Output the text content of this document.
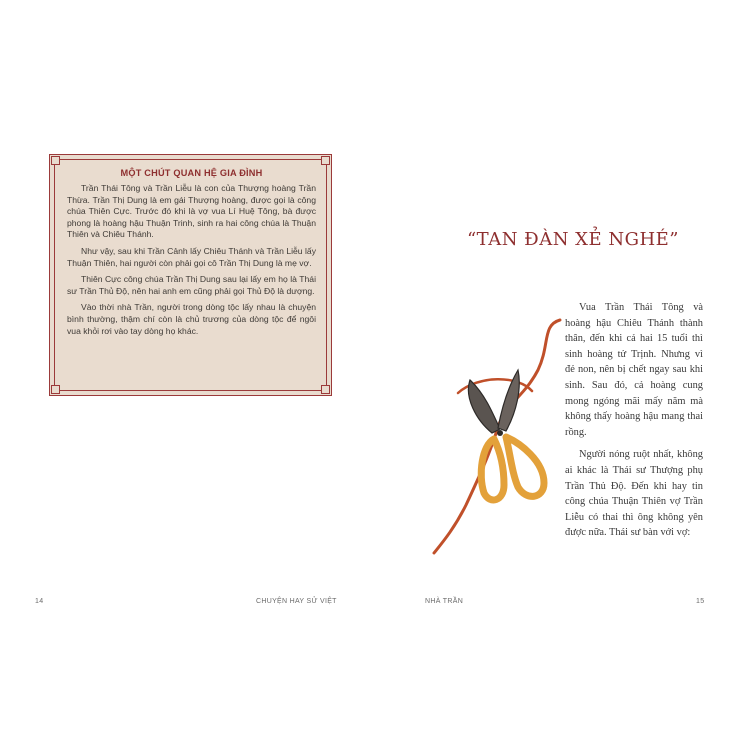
MỘT CHÚT QUAN HỆ GIA ĐÌNH

Trần Thái Tông và Trần Liễu là con của Thượng hoàng Trần Thừa. Trần Thị Dung là em gái Thượng hoàng, được gọi là công chúa Thiên Cực. Trước đó khi là vợ vua Lí Huệ Tông, bà được phong là hoàng hậu Thuận Trinh, sinh ra hai công chúa là Thuận Thiên và Chiêu Thánh.

Như vậy, sau khi Trần Cảnh lấy Chiêu Thánh và Trần Liễu lấy Thuận Thiên, hai người còn phải gọi cô Trần Thị Dung là mẹ vợ.

Thiên Cực công chúa Trần Thị Dung sau lại lấy em họ là Thái sư Trần Thủ Độ, nên hai anh em cũng phải gọi Thủ Độ là dượng.

Vào thời nhà Trần, người trong dòng tộc lấy nhau là chuyện bình thường, thậm chí còn là chủ trương của dòng tộc để ngôi vua khỏi rơi vào tay dòng họ khác.

“TAN ĐÀN XẺ NGHÉ”

Vua Trần Thái Tông và hoàng hậu Chiêu Thánh thành thân, đến khi cả hai 15 tuổi thì sinh hoàng tử Trịnh. Nhưng vì đẻ non, nên bị chết ngay sau khi sinh. Sau đó, cả hoàng cung mong ngóng mãi mấy năm mà không thấy hoàng hậu mang thai rồng.

Người nóng ruột nhất, không ai khác là Thái sư Thượng phụ Trần Thủ Độ. Đến khi hay tin công chúa Thuận Thiên vợ Trần Liễu có thai thì ông không yên được nữa. Thái sư bàn với vợ:

14	CHUYỆN HAY SỬ VIỆT	NHÀ TRẦN	15
